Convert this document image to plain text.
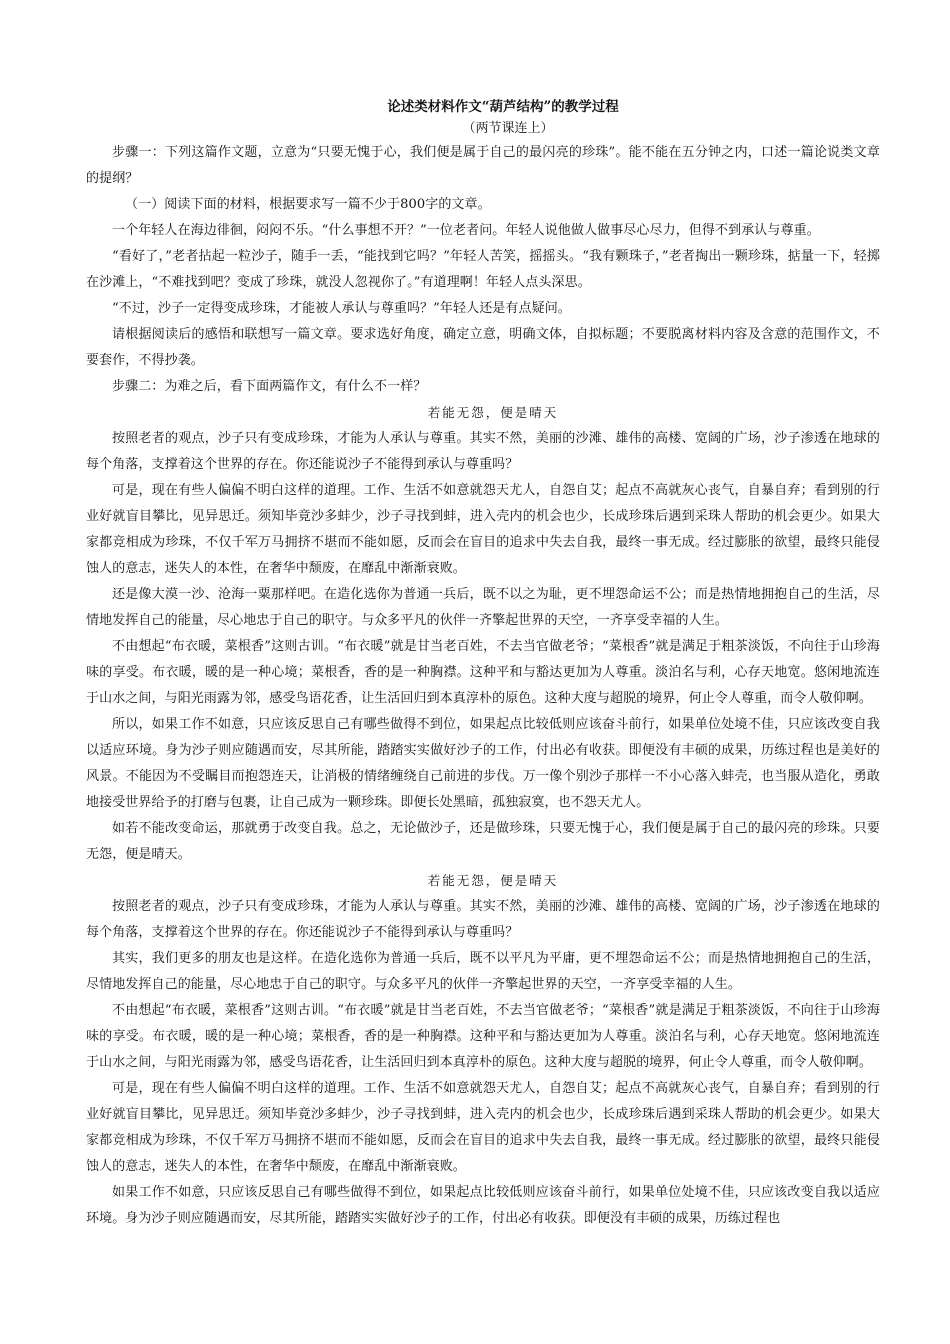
论述类材料作文“葫芦结构”的教学过程
（两节课连上）

步骤一：下列这篇作文题，立意为“只要无愧于心，我们便是属于自己的最闪亮的珍珠”。能不能在五分钟之内，口述一篇论说类文章的提纲？

（一）阅读下面的材料，根据要求写一篇不少于800字的文章。

一个年轻人在海边徘徊，闷闷不乐。“什么事想不开？”一位老者问。年轻人说他做人做事尽心尽力，但得不到承认与尊重。

“看好了，”老者拈起一粒沙子，随手一丢，“能找到它吗？”年轻人苦笑，摇摇头。“我有颗珠子，”老者掏出一颗珍珠，掂量一下，轻掷在沙滩上，“不难找到吧？变成了珍珠，就没人忽视你了。”有道理啊！年轻人点头深思。

“不过，沙子一定得变成珍珠，才能被人承认与尊重吗？”年轻人还是有点疑问。

请根据阅读后的感悟和联想写一篇文章。要求选好角度，确定立意，明确文体，自拟标题；不要脱离材料内容及含意的范围作文，不要套作，不得抄袭。

步骤二：为难之后，看下面两篇作文，有什么不一样？

若能无怨，便是晴天

按照老者的观点，沙子只有变成珍珠，才能为人承认与尊重。其实不然，美丽的沙滩、雄伟的高楼、宽阔的广场，沙子渗透在地球的每个角落，支撑着这个世界的存在。你还能说沙子不能得到承认与尊重吗？

可是，现在有些人偏偏不明白这样的道理。工作、生活不如意就怨天尤人，自怨自艾；起点不高就灰心丧气，自暴自弃；看到别的行业好就盲目攀比，见异思迁。须知毕竟沙多蚌少，沙子寻找到蚌，进入壳内的机会也少，长成珍珠后遇到采珠人帮助的机会更少。如果大家都竞相成为珍珠，不仅千军万马拥挤不堪而不能如愿，反而会在盲目的追求中失去自我，最终一事无成。经过膨胀的欲望，最终只能侵蚀人的意志，迷失人的本性，在奢华中颓废，在靡乱中渐渐衰败。

还是像大漠一沙、沧海一粟那样吧。在造化选你为普通一兵后，既不以之为耻，更不埋怨命运不公；而是热情地拥抱自己的生活，尽情地发挥自己的能量，尽心地忠于自己的职守。与众多平凡的伙伴一齐擎起世界的天空，一齐享受幸福的人生。

不由想起“布衣暖，菜根香”这则古训。“布衣暖”就是甘当老百姓，不去当官做老爷；“菜根香”就是满足于粗茶淡饭，不向往于山珍海味的享受。布衣暖，暖的是一种心境；菜根香，香的是一种胸襟。这种平和与豁达更加为人尊重。淡泊名与利，心存天地宽。悠闲地流连于山水之间，与阳光雨露为邻，感受鸟语花香，让生活回归到本真淳朴的原色。这种大度与超脱的境界，何止令人尊重，而令人敬仰啊。

所以，如果工作不如意，只应该反思自己有哪些做得不到位，如果起点比较低则应该奋斗前行，如果单位处境不佳，只应该改变自我以适应环境。身为沙子则应随遇而安，尽其所能，踏踏实实做好沙子的工作，付出必有收获。即便没有丰硕的成果，历练过程也是美好的风景。不能因为不受瞩目而抱怨连天，让消极的情绪缠绕自己前进的步伐。万一像个别沙子那样一不小心落入蚌壳，也当服从造化，勇敢地接受世界给予的打磨与包裹，让自己成为一颗珍珠。即便长处黑暗，孤独寂寞，也不怨天尤人。

如若不能改变命运，那就勇于改变自我。总之，无论做沙子，还是做珍珠，只要无愧于心，我们便是属于自己的最闪亮的珍珠。只要无怨，便是晴天。

若能无怨，便是晴天

按照老者的观点，沙子只有变成珍珠，才能为人承认与尊重。其实不然，美丽的沙滩、雄伟的高楼、宽阔的广场，沙子渗透在地球的每个角落，支撑着这个世界的存在。你还能说沙子不能得到承认与尊重吗？

其实，我们更多的朋友也是这样。在造化选你为普通一兵后，既不以平凡为平庸，更不埋怨命运不公；而是热情地拥抱自己的生活，尽情地发挥自己的能量，尽心地忠于自己的职守。与众多平凡的伙伴一齐擎起世界的天空，一齐享受幸福的人生。

不由想起“布衣暖，菜根香”这则古训。“布衣暖”就是甘当老百姓，不去当官做老爷；“菜根香”就是满足于粗茶淡饭，不向往于山珍海味的享受。布衣暖，暖的是一种心境；菜根香，香的是一种胸襟。这种平和与豁达更加为人尊重。淡泊名与利，心存天地宽。悠闲地流连于山水之间，与阳光雨露为邻，感受鸟语花香，让生活回归到本真淳朴的原色。这种大度与超脱的境界，何止令人尊重，而令人敬仰啊。

可是，现在有些人偏偏不明白这样的道理。工作、生活不如意就怨天尤人，自怨自艾；起点不高就灰心丧气，自暴自弃；看到别的行业好就盲目攀比，见异思迁。须知毕竟沙多蚌少，沙子寻找到蚌，进入壳内的机会也少，长成珍珠后遇到采珠人帮助的机会更少。如果大家都竞相成为珍珠，不仅千军万马拥挤不堪而不能如愿，反而会在盲目的追求中失去自我，最终一事无成。经过膨胀的欲望，最终只能侵蚀人的意志，迷失人的本性，在奢华中颓废，在靡乱中渐渐衰败。

如果工作不如意，只应该反思自己有哪些做得不到位，如果起点比较低则应该奋斗前行，如果单位处境不佳，只应该改变自我以适应环境。身为沙子则应随遇而安，尽其所能，踏踏实实做好沙子的工作，付出必有收获。即便没有丰硕的成果，历练过程也
